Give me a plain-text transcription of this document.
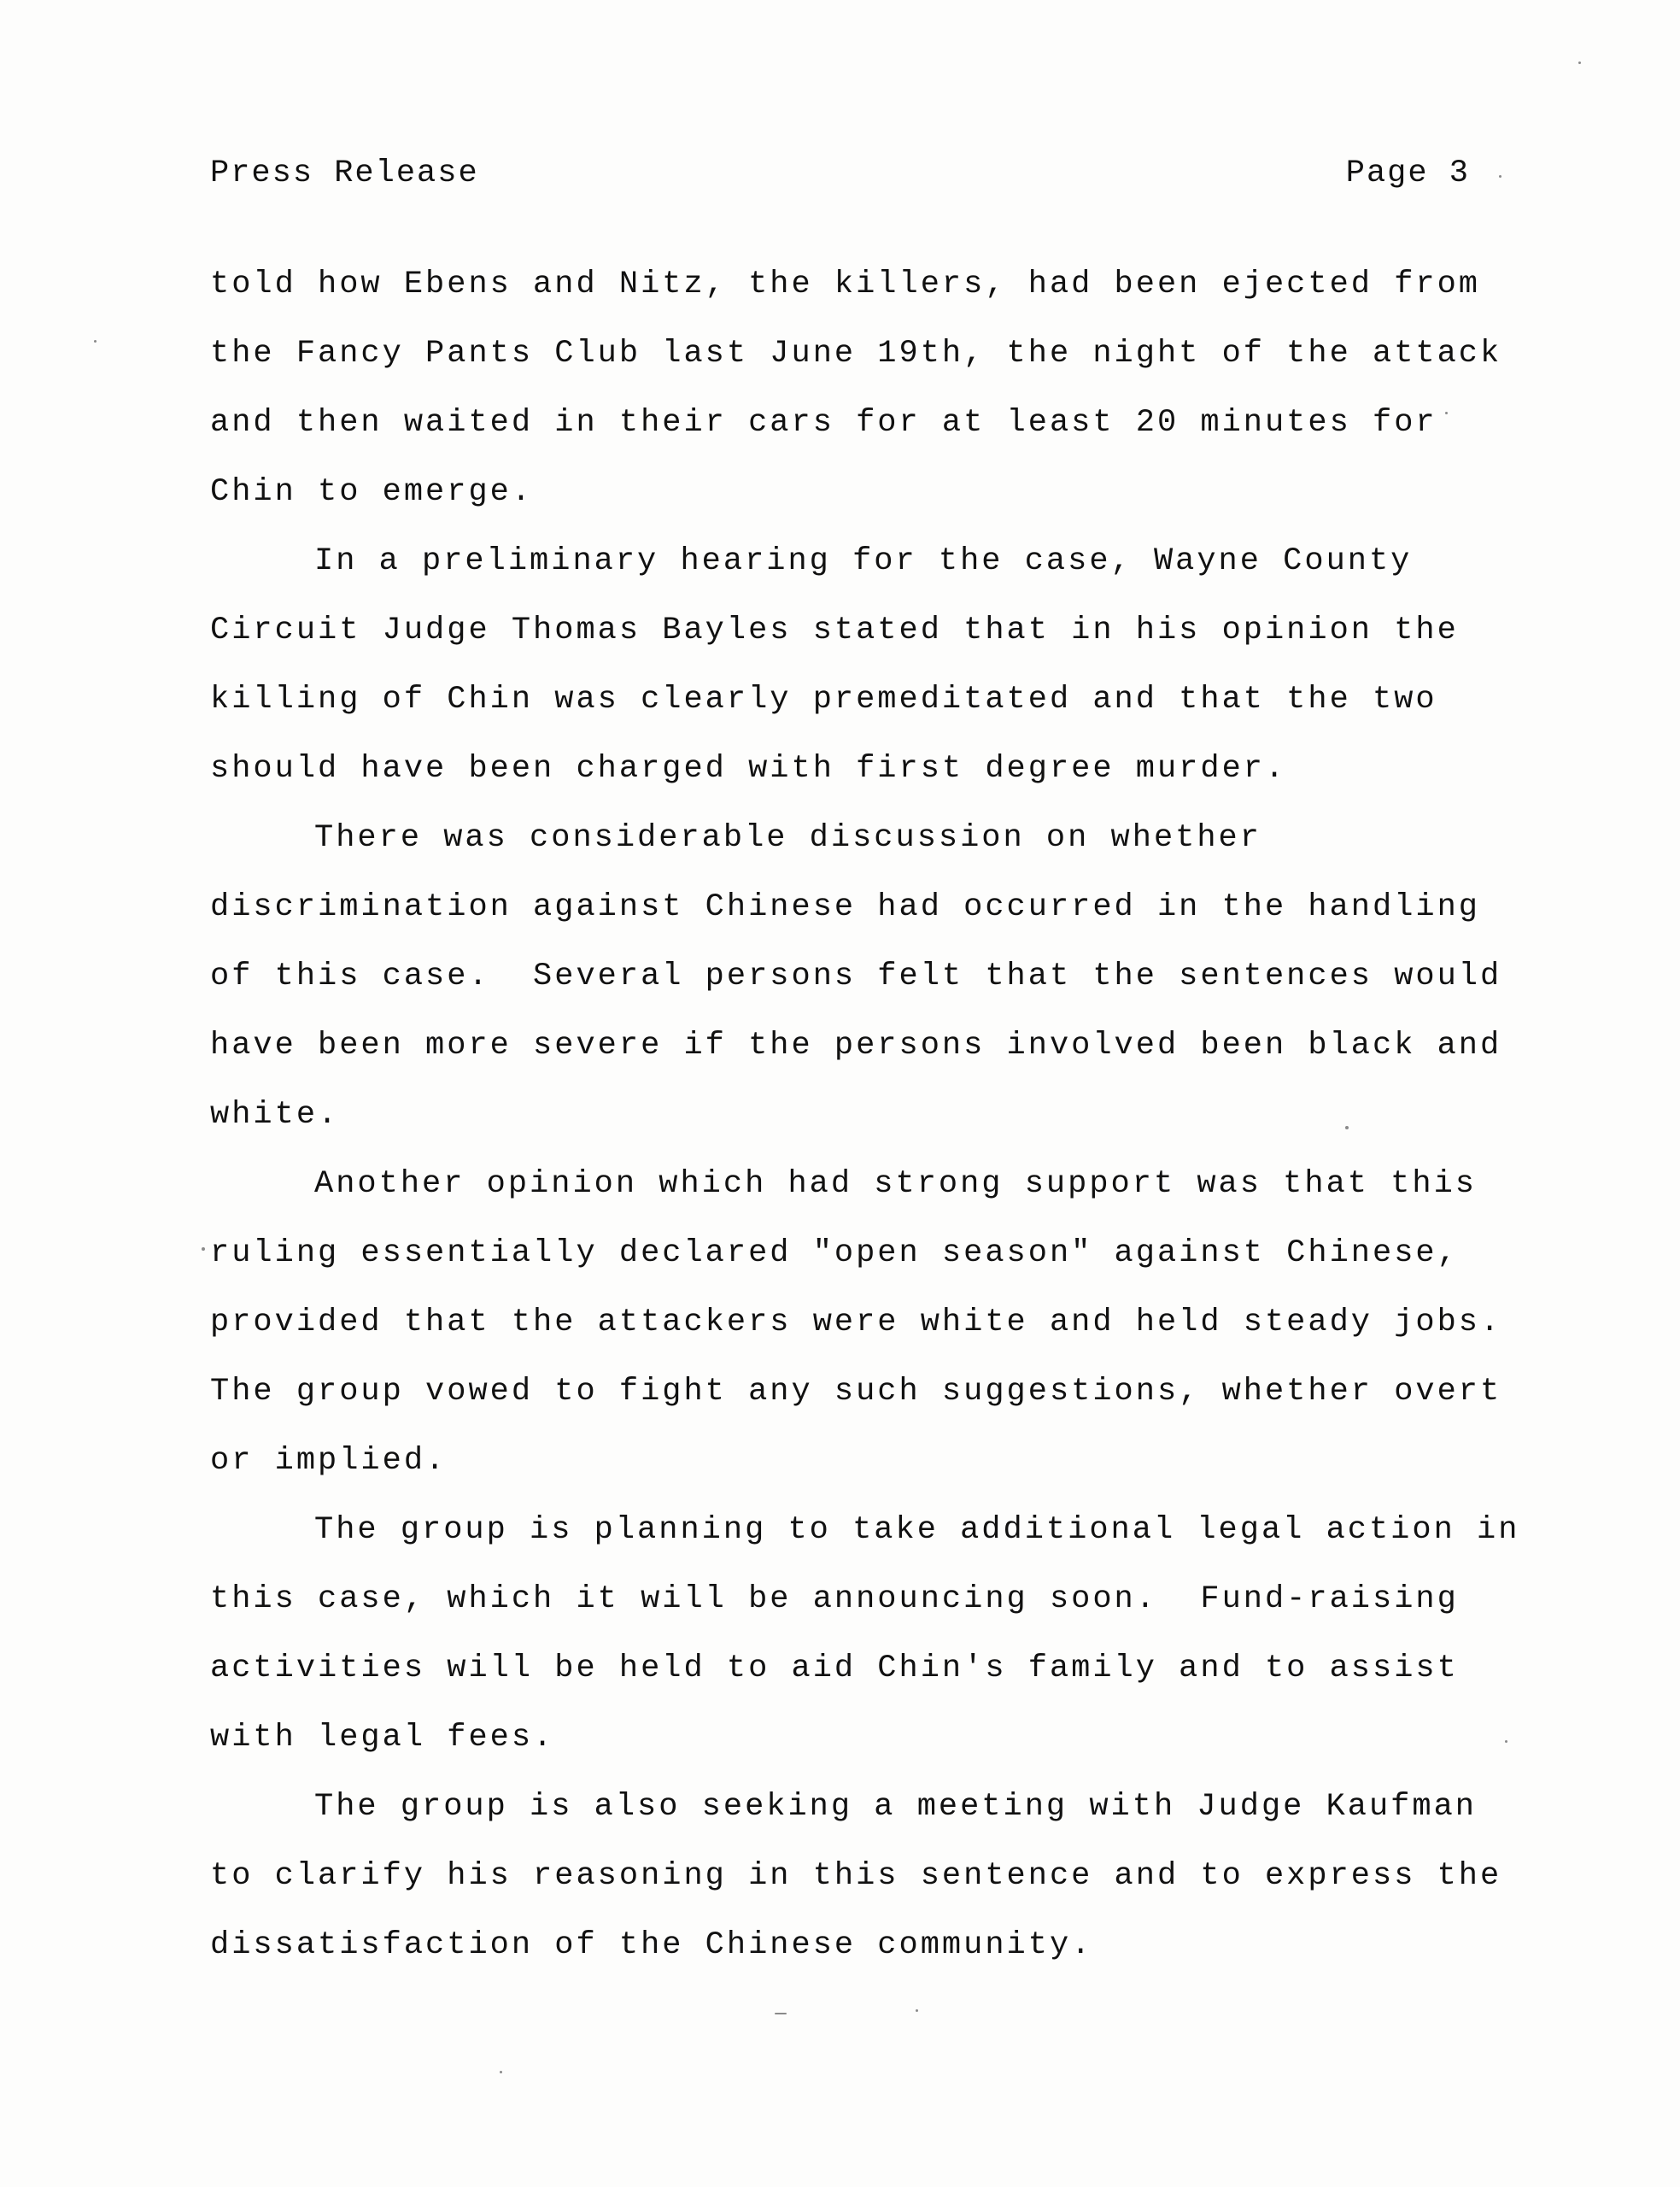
Press Release	Page 3
told how Ebens and Nitz, the killers, had been ejected from
the Fancy Pants Club last June 19th, the night of the attack
and then waited in their cars for at least 20 minutes for
Chin to emerge.
In a preliminary hearing for the case, Wayne County
Circuit Judge Thomas Bayles stated that in his opinion the
killing of Chin was clearly premeditated and that the two
should have been charged with first degree murder.
There was considerable discussion on whether
discrimination against Chinese had occurred in the handling
of this case.  Several persons felt that the sentences would
have been more severe if the persons involved been black and
white.
Another opinion which had strong support was that this
ruling essentially declared "open season" against Chinese,
provided that the attackers were white and held steady jobs.
The group vowed to fight any such suggestions, whether overt
or implied.
The group is planning to take additional legal action in
this case, which it will be announcing soon.  Fund-raising
activities will be held to aid Chin's family and to assist
with legal fees.
The group is also seeking a meeting with Judge Kaufman
to clarify his reasoning in this sentence and to express the
dissatisfaction of the Chinese community.
